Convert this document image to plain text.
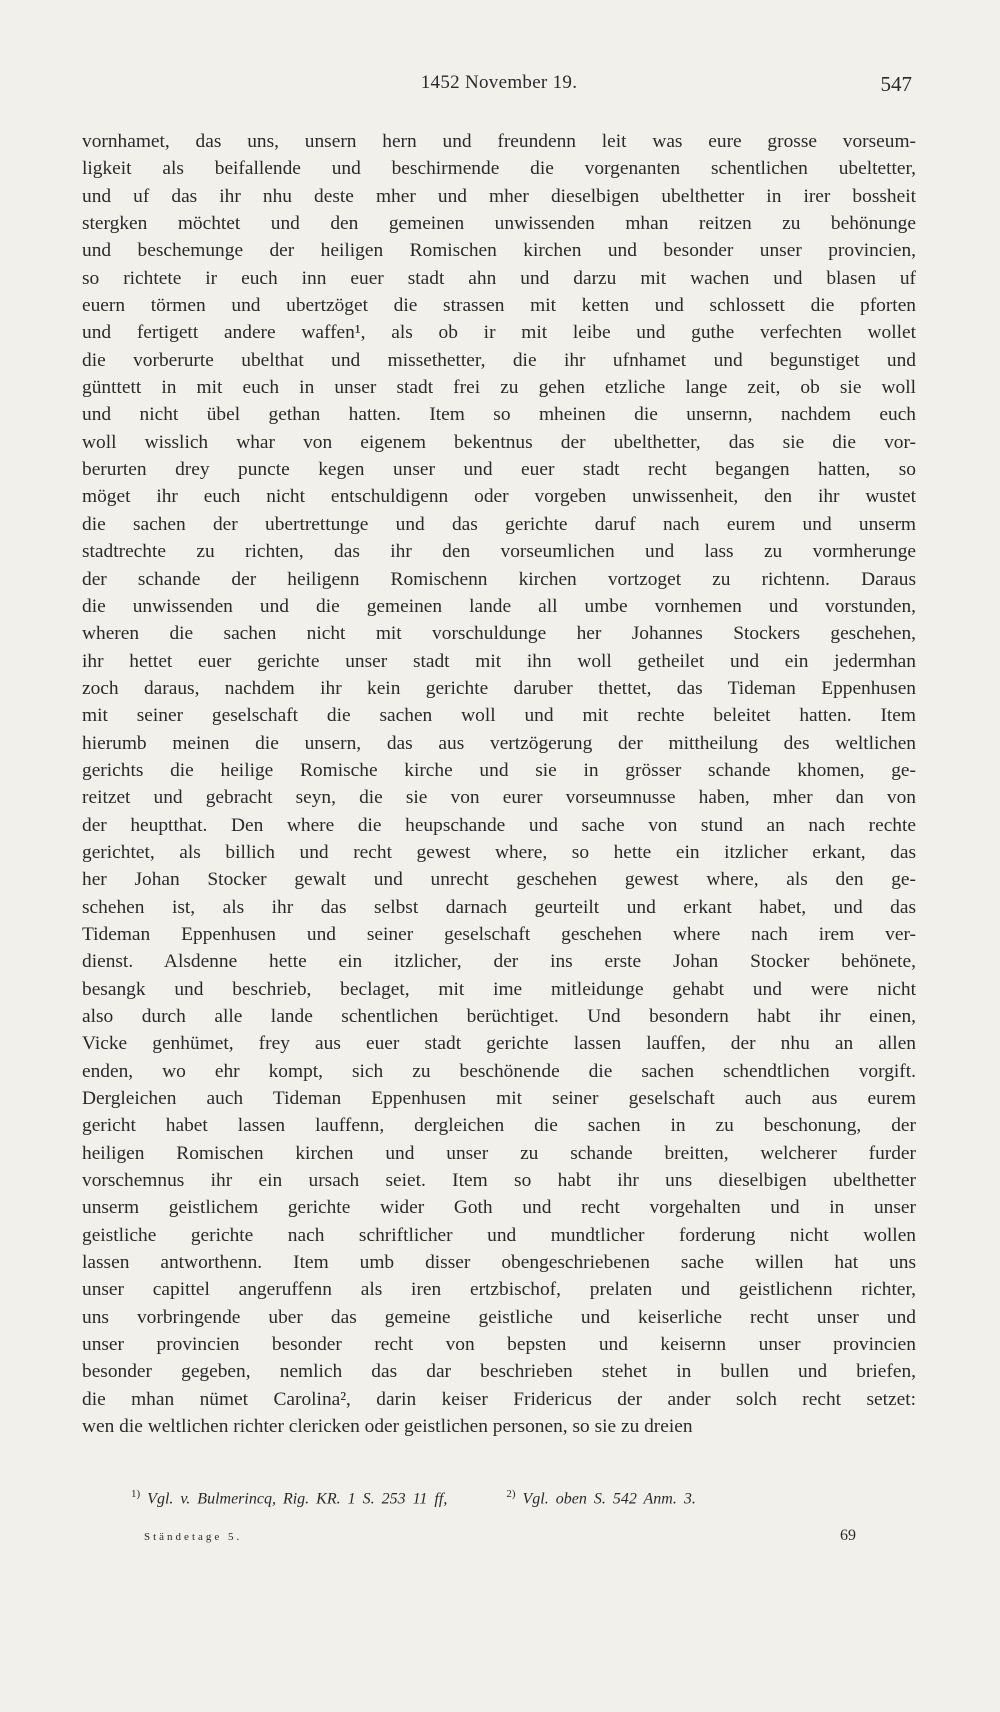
1452 November 19.	547
vornhamet, das uns, unsern hern und freundenn leit was eure grosse vorseum-
ligkeit als beifallende und beschirmende die vorgenanten schentlichen ubeltetter,
und uf das ihr nhu deste mher und mher dieselbigen ubelthetter in irer bossheit
stergken möchtet und den gemeinen unwissenden mhan reitzen zu behönunge
und beschemunge der heiligen Romischen kirchen und besonder unser provincien,
so richtete ir euch inn euer stadt ahn und darzu mit wachen und blasen uf
euern törmen und ubertzöget die strassen mit ketten und schlossett die pforten
und fertigett andere waffen¹, als ob ir mit leibe und guthe verfechten wollet
die vorberurte ubelthat und missethetter, die ihr ufnhamet und begunstiget und
günttett in mit euch in unser stadt frei zu gehen etzliche lange zeit, ob sie woll
und nicht übel gethan hatten. Item so mheinen die unsernn, nachdem euch
woll wisslich whar von eigenem bekentnus der ubelthetter, das sie die vor-
berurten drey puncte kegen unser und euer stadt recht begangen hatten, so
möget ihr euch nicht entschuldigenn oder vorgeben unwissenheit, den ihr wustet
die sachen der ubertrettunge und das gerichte daruf nach eurem und unserm
stadtrechte zu richten, das ihr den vorseumlichen und lass zu vormherunge
der schande der heiligenn Romischenn kirchen vortzoget zu richtenn. Daraus
die unwissenden und die gemeinen lande all umbe vornhemen und vorstunden,
wheren die sachen nicht mit vorschuldunge her Johannes Stockers geschehen,
ihr hettet euer gerichte unser stadt mit ihn woll getheilet und ein jedermhan
zoch daraus, nachdem ihr kein gerichte daruber thettet, das Tideman Eppenhusen
mit seiner geselschaft die sachen woll und mit rechte beleitet hatten. Item
hierumb meinen die unsern, das aus vertzögerung der mittheilung des weltlichen
gerichts die heilige Romische kirche und sie in grösser schande khomen, ge-
reitzet und gebracht seyn, die sie von eurer vorseumnusse haben, mher dan von
der heuptthat. Den where die heupschande und sache von stund an nach rechte
gerichtet, als billich und recht gewest where, so hette ein itzlicher erkant, das
her Johan Stocker gewalt und unrecht geschehen gewest where, als den ge-
schehen ist, als ihr das selbst darnach geurteilt und erkant habet, und das
Tideman Eppenhusen und seiner geselschaft geschehen where nach irem ver-
dienst. Alsdenne hette ein itzlicher, der ins erste Johan Stocker behönete,
besangk und beschrieb, beclaget, mit ime mitleidunge gehabt und were nicht
also durch alle lande schentlichen berüchtiget. Und besondern habt ihr einen,
Vicke genhümet, frey aus euer stadt gerichte lassen lauffen, der nhu an allen
enden, wo ehr kompt, sich zu beschönende die sachen schendtlichen vorgift.
Dergleichen auch Tideman Eppenhusen mit seiner geselschaft auch aus eurem
gericht habet lassen lauffenn, dergleichen die sachen in zu beschonung, der
heiligen Romischen kirchen und unser zu schande breitten, welcherer furder
vorschemnus ihr ein ursach seiet. Item so habt ihr uns dieselbigen ubelthetter
unserm geistlichem gerichte wider Goth und recht vorgehalten und in unser
geistliche gerichte nach schriftlicher und mundtlicher forderung nicht wollen
lassen antworthenn. Item umb disser obengeschriebenen sache willen hat uns
unser capittel angeruffenn als iren ertzbischof, prelaten und geistlichenn richter,
uns vorbringende uber das gemeine geistliche und keiserliche recht unser und
unser provincien besonder recht von bepsten und keisernn unser provincien
besonder gegeben, nemlich das dar beschrieben stehet in bullen und briefen,
die mhan nümet Carolina², darin keiser Fridericus der ander solch recht setzet:
wen die weltlichen richter clericken oder geistlichen personen, so sie zu dreien
$^{1)}$ Vgl. v. Bulmerincq, Rig. KR. 1 S. 253 11 ff,	$^{2)}$ Vgl. oben S. 542 Anm. 3.
Ständetage 5.	69
